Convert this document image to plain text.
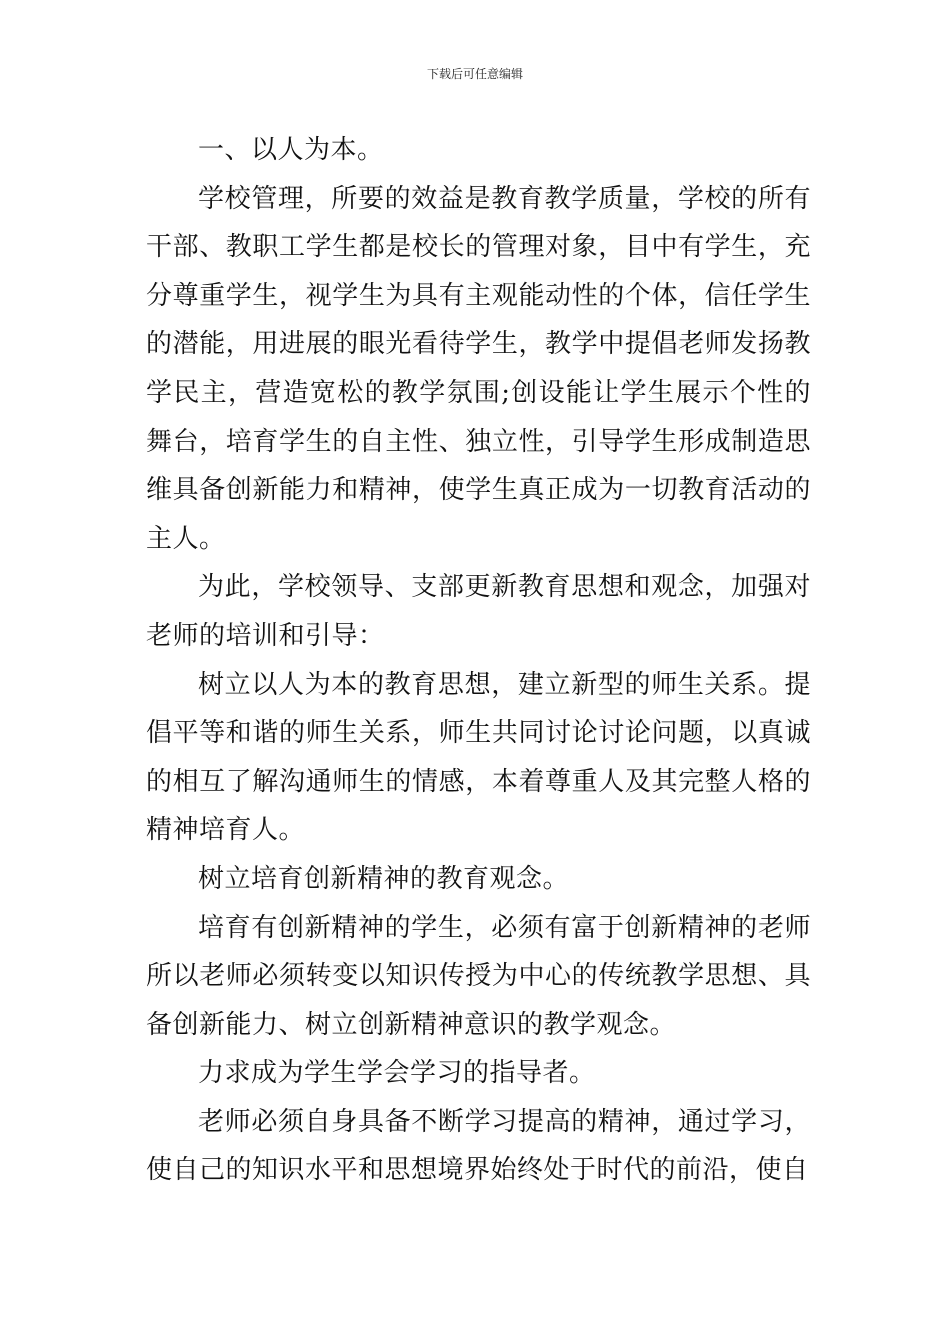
下载后可任意编辑

一、以人为本。

学校管理，所要的效益是教育教学质量，学校的所有干部、教职工学生都是校长的管理对象，目中有学生，充分尊重学生，视学生为具有主观能动性的个体，信任学生的潜能，用进展的眼光看待学生，教学中提倡老师发扬教学民主，营造宽松的教学氛围;创设能让学生展示个性的舞台，培育学生的自主性、独立性，引导学生形成制造思维具备创新能力和精神，使学生真正成为一切教育活动的主人。

为此，学校领导、支部更新教育思想和观念，加强对老师的培训和引导：

树立以人为本的教育思想，建立新型的师生关系。提倡平等和谐的师生关系，师生共同讨论讨论问题，以真诚的相互了解沟通师生的情感，本着尊重人及其完整人格的精神培育人。

树立培育创新精神的教育观念。

培育有创新精神的学生，必须有富于创新精神的老师所以老师必须转变以知识传授为中心的传统教学思想、具备创新能力、树立创新精神意识的教学观念。

力求成为学生学会学习的指导者。

老师必须自身具备不断学习提高的精神，通过学习，使自己的知识水平和思想境界始终处于时代的前沿，使自
